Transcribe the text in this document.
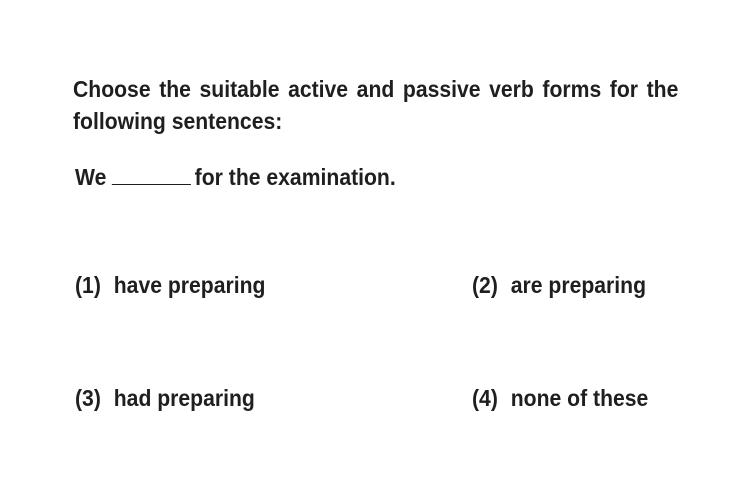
Choose the suitable active and passive verb forms for the
following sentences:

We	for the examination.

(1) have preparing	(2) are preparing
(3) had preparing	(4) none of these
